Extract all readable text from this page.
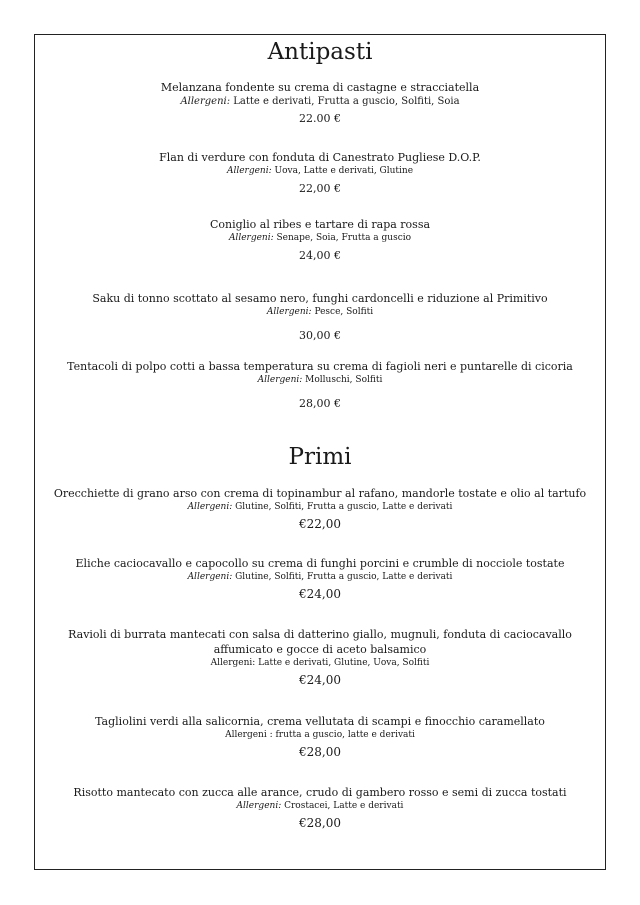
Antipasti
Melanzana fondente su crema di castagne e stracciatella
Allergeni: Latte e derivati, Frutta a guscio, Solfiti, Soia
22.00 €
Flan di verdure con fonduta di Canestrato Pugliese D.O.P.
Allergeni: Uova, Latte e derivati, Glutine
22,00 €
Coniglio al ribes e tartare di rapa rossa
Allergeni: Senape, Soia, Frutta a guscio
24,00 €
Saku di tonno scottato al sesamo nero, funghi cardoncelli e riduzione al Primitivo
Allergeni: Pesce, Solfiti
30,00 €
Tentacoli di polpo cotti a bassa temperatura su crema di fagioli neri e puntarelle di cicoria
Allergeni: Molluschi, Solfiti
28,00 €
Primi
Orecchiette di grano arso con crema di topinambur al rafano, mandorle tostate e olio al tartufo
Allergeni: Glutine, Solfiti, Frutta a guscio, Latte e derivati
€22,00
Eliche caciocavallo e capocollo su crema di funghi porcini e crumble di nocciole tostate
Allergeni: Glutine, Solfiti, Frutta a guscio, Latte e derivati
€24,00
Ravioli di burrata mantecati con salsa di datterino giallo, mugnuli, fonduta di caciocavallo affumicato e gocce di aceto balsamico
Allergeni: Latte e derivati, Glutine, Uova, Solfiti
€24,00
Tagliolini verdi alla salicornia, crema vellutata di scampi e finocchio caramellato
Allergeni : frutta a guscio, latte e derivati
€28,00
Risotto mantecato con zucca alle arance, crudo di gambero rosso e semi di zucca tostati
Allergeni: Crostacei, Latte e derivati
€28,00
